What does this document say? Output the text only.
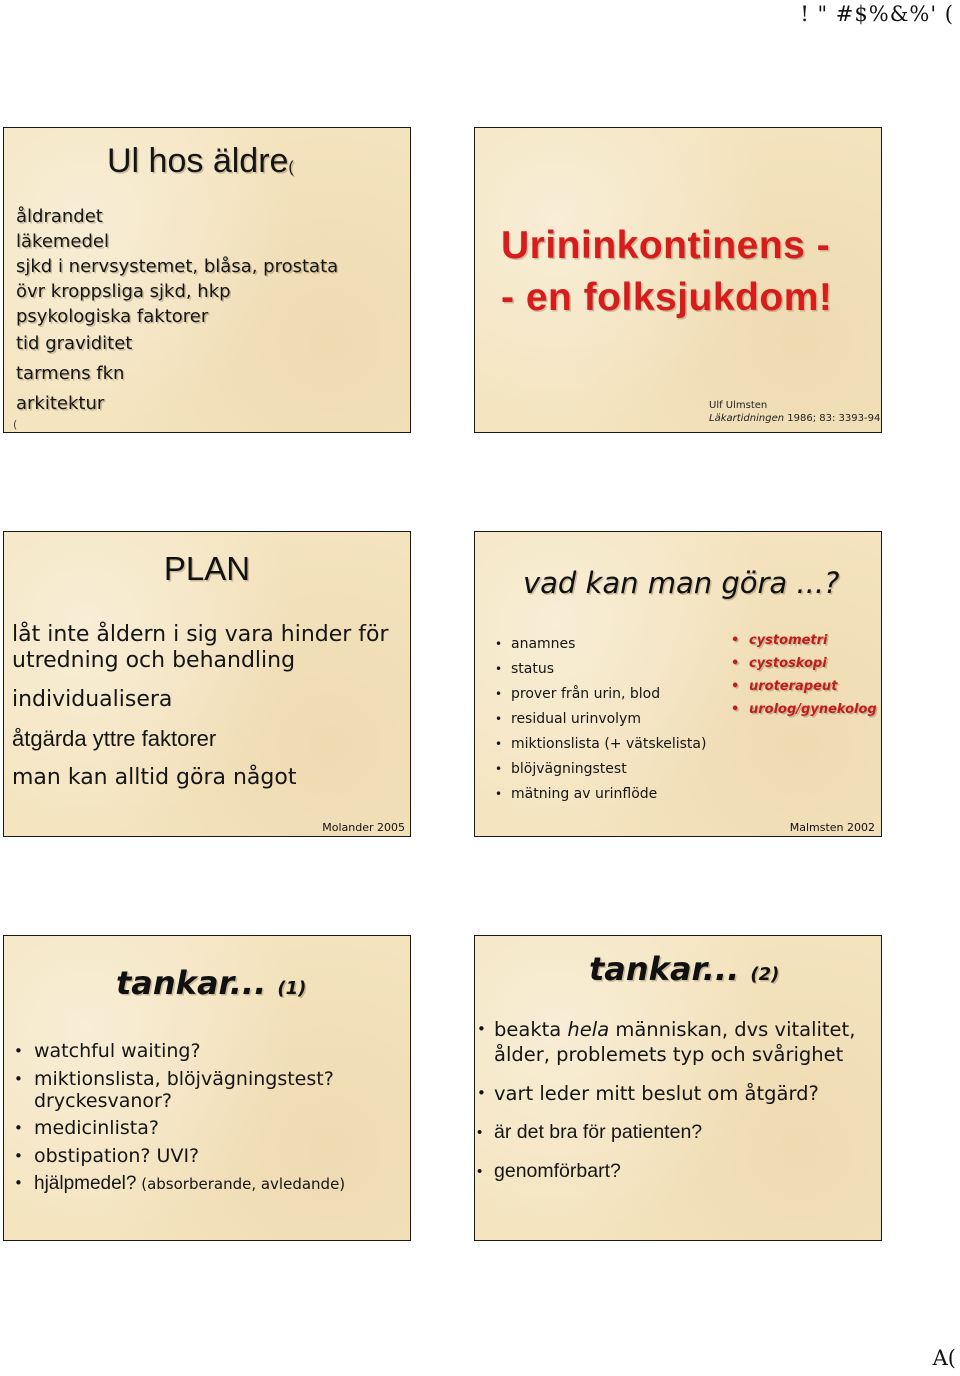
! " #$%&%' (
Ul hos äldre(
åldrandet
läkemedel
sjkd i nervsystemet, blåsa, prostata
övr kroppsliga sjkd, hkp
psykologiska faktorer
tid graviditet
tarmens fkn
arkitektur
(
Urininkontinens -
- en folksjukdom!
Ulf Ulmsten
Läkartidningen 1986; 83: 3393-94
PLAN
låt inte åldern i sig vara hinder för utredning och behandling
individualisera
åtgärda yttre faktorer
man kan alltid göra något
Molander 2005
vad kan man göra ...?
• anamnes
• status
• prover från urin, blod
• residual urinvolym
• miktionslista (+ vätskelista)
• blöjvägningstest
• mätning av urinflöde
• cystometri
• cystoskopi
• uroterapeut
• urolog/gynekolog
Malmsten 2002
tankar... (1)
• watchful waiting?
• miktionslista, blöjvägningstest? dryckesvanor?
• medicinlista?
• obstipation? UVI?
• hjälpmedel? (absorberande, avledande)
tankar... (2)
• beakta hela människan, dvs vitalitet, ålder, problemets typ och svårighet
• vart leder mitt beslut om åtgärd?
• är det bra för patienten?
• genomförbart?
A(
